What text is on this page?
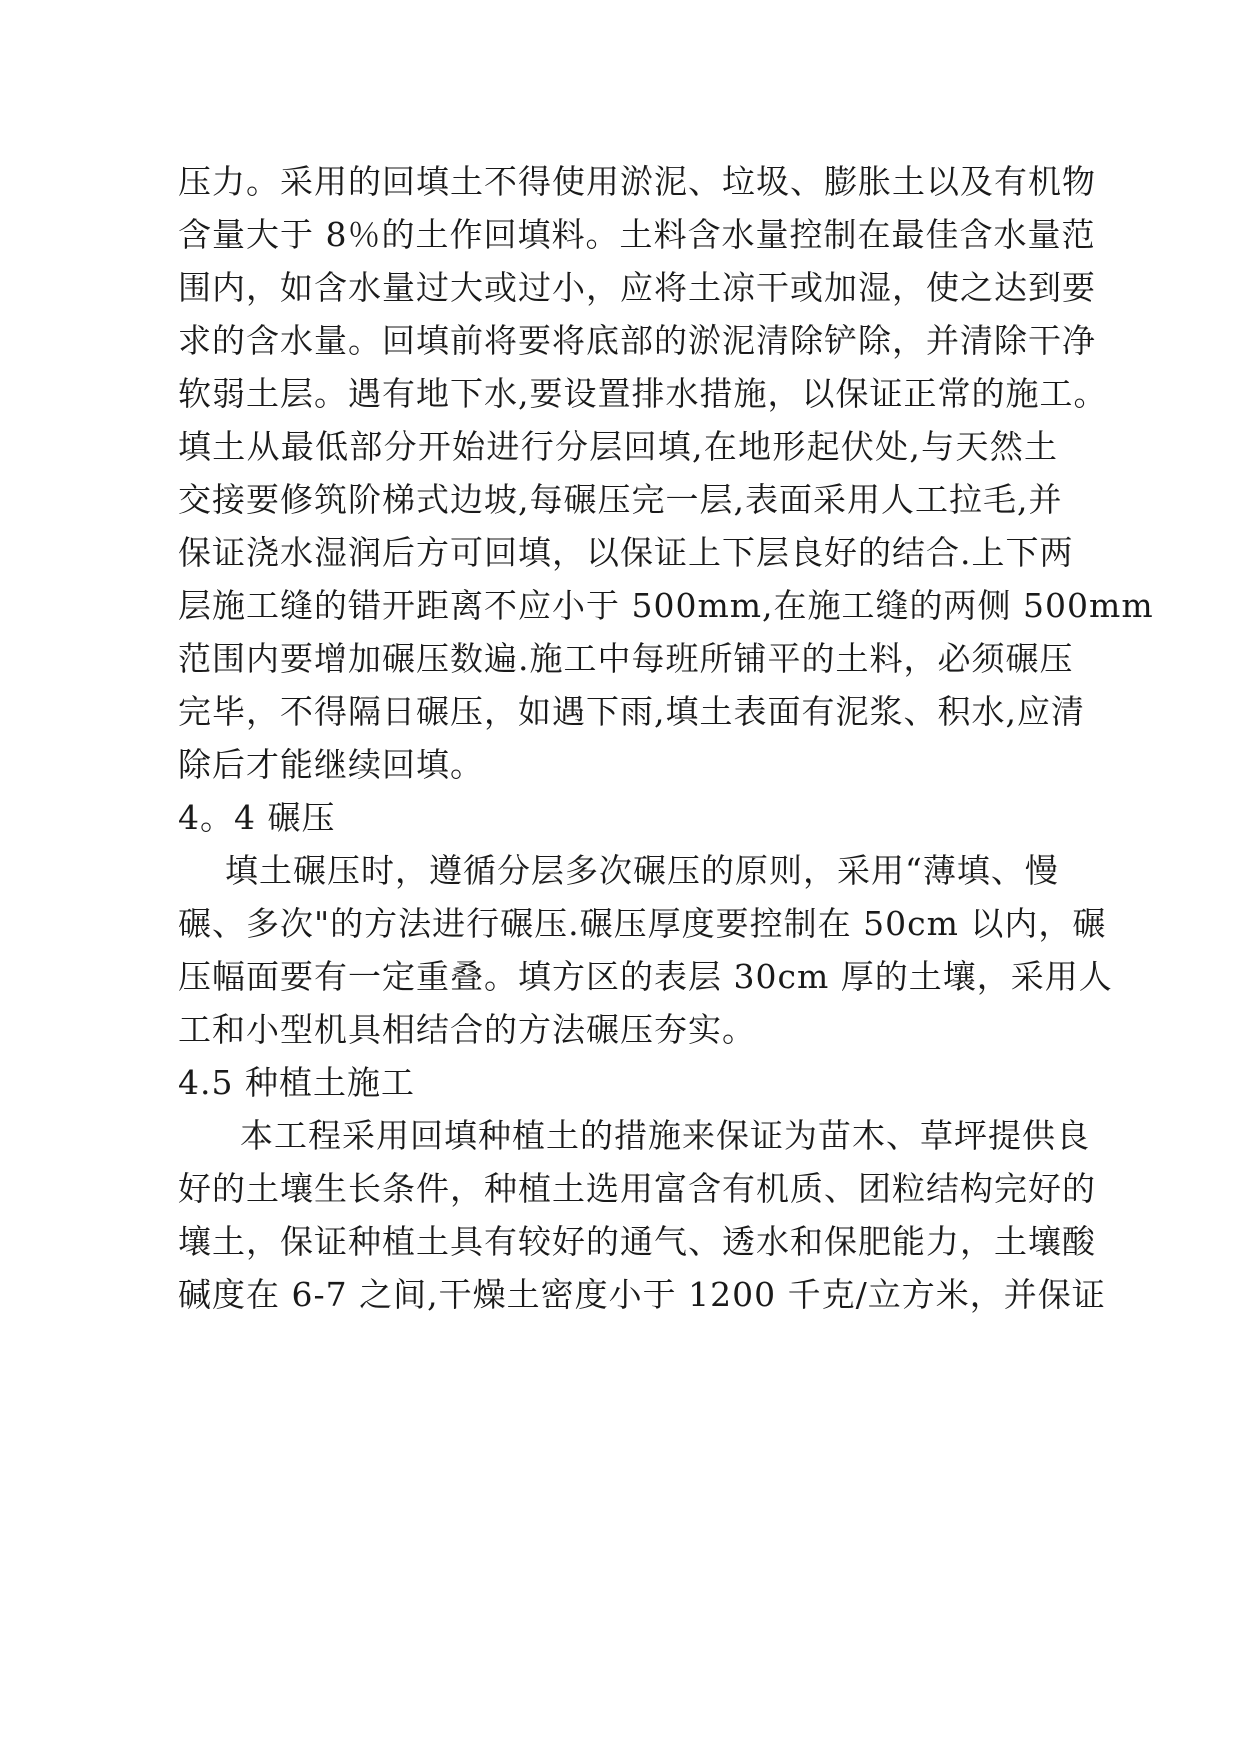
压力。采用的回填土不得使用淤泥、垃圾、膨胀土以及有机物
含量大于 8％的土作回填料。土料含水量控制在最佳含水量范
围内，如含水量过大或过小，应将土凉干或加湿，使之达到要
求的含水量。回填前将要将底部的淤泥清除铲除，并清除干净
软弱土层。遇有地下水,要设置排水措施，以保证正常的施工。
填土从最低部分开始进行分层回填,在地形起伏处,与天然土
交接要修筑阶梯式边坡,每碾压完一层,表面采用人工拉毛,并
保证浇水湿润后方可回填，以保证上下层良好的结合.上下两
层施工缝的错开距离不应小于 500mm,在施工缝的两侧 500mm
范围内要增加碾压数遍.施工中每班所铺平的土料，必须碾压
完毕，不得隔日碾压，如遇下雨,填土表面有泥浆、积水,应清
除后才能继续回填。
4。4 碾压
填土碾压时，遵循分层多次碾压的原则，采用“薄填、慢
碾、多次"的方法进行碾压.碾压厚度要控制在 50cm 以内，碾
压幅面要有一定重叠。填方区的表层 30cm 厚的土壤，采用人
工和小型机具相结合的方法碾压夯实。
4.5 种植土施工
本工程采用回填种植土的措施来保证为苗木、草坪提供良
好的土壤生长条件，种植土选用富含有机质、团粒结构完好的
壤土，保证种植土具有较好的通气、透水和保肥能力，土壤酸
碱度在 6-7 之间,干燥土密度小于 1200 千克/立方米，并保证
